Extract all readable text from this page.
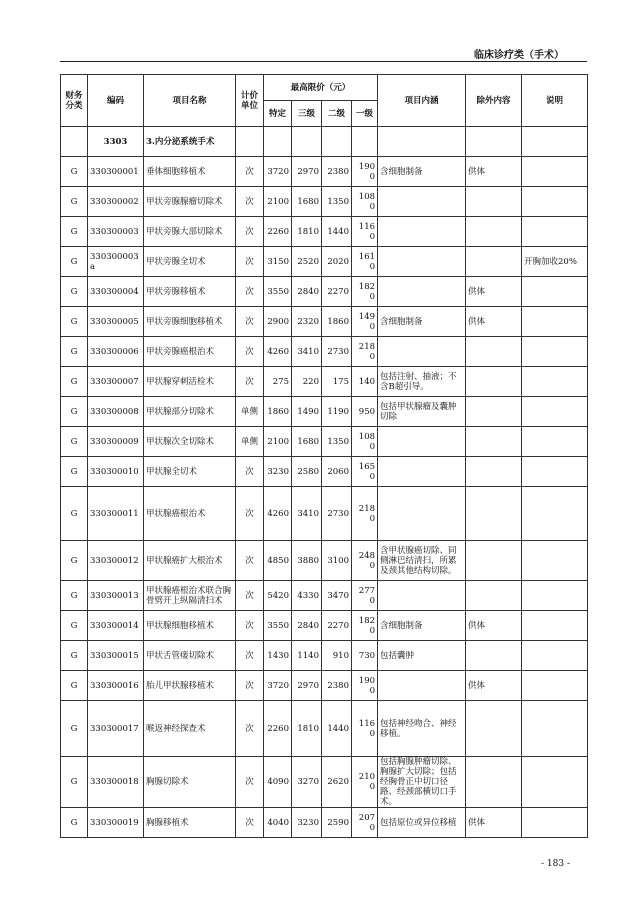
临床诊疗类（手术）
财务分类	编码	项目名称	计价单位	最高限价（元）				项目内涵	除外内容	说明
				特定	三级	二级	一级			
	3303	3.内分泌系统手术								
G	330300001	垂体细胞移植术	次	3720	2970	2380	1900	含细胞制备	供体	
G	330300002	甲状旁腺腺瘤切除术	次	2100	1680	1350	1080			
G	330300003	甲状旁腺大部切除术	次	2260	1810	1440	1160			
G	330300003a	甲状旁腺全切术	次	3150	2520	2020	1610			开胸加收20%
G	330300004	甲状旁腺移植术	次	3550	2840	2270	1820		供体	
G	330300005	甲状旁腺细胞移植术	次	2900	2320	1860	1490	含细胞制备	供体	
G	330300006	甲状旁腺癌根治术	次	4260	3410	2730	2180			
G	330300007	甲状腺穿刺活检术	次	275	220	175	140	包括注射、抽液；不含B超引导。		
G	330300008	甲状腺部分切除术	单侧	1860	1490	1190	950	包括甲状腺瘤及囊肿切除		
G	330300009	甲状腺次全切除术	单侧	2100	1680	1350	1080			
G	330300010	甲状腺全切术	次	3230	2580	2060	1650			
G	330300011	甲状腺癌根治术	次	4260	3410	2730	2180			
G	330300012	甲状腺癌扩大根治术	次	4850	3880	3100	2480	含甲状腺癌切除、同侧淋巴结清扫，所累及颈其他结构切除。		
G	330300013	甲状腺癌根治术联合胸骨劈开上纵隔清扫术	次	5420	4330	3470	2770			
G	330300014	甲状腺细胞移植术	次	3550	2840	2270	1820	含细胞制备	供体	
G	330300015	甲状舌管瘘切除术	次	1430	1140	910	730	包括囊肿		
G	330300016	胎儿甲状腺移植术	次	3720	2970	2380	1900		供体	
G	330300017	喉返神经探查术	次	2260	1810	1440	1160	包括神经吻合、神经移植。		
G	330300018	胸腺切除术	次	4090	3270	2620	2100	包括胸腺肿瘤切除、胸腺扩大切除；包括经胸骨正中切口径路、经颈部横切口手术。		
G	330300019	胸腺移植术	次	4040	3230	2590	2070	包括原位或异位移植	供体	
- 183 -
